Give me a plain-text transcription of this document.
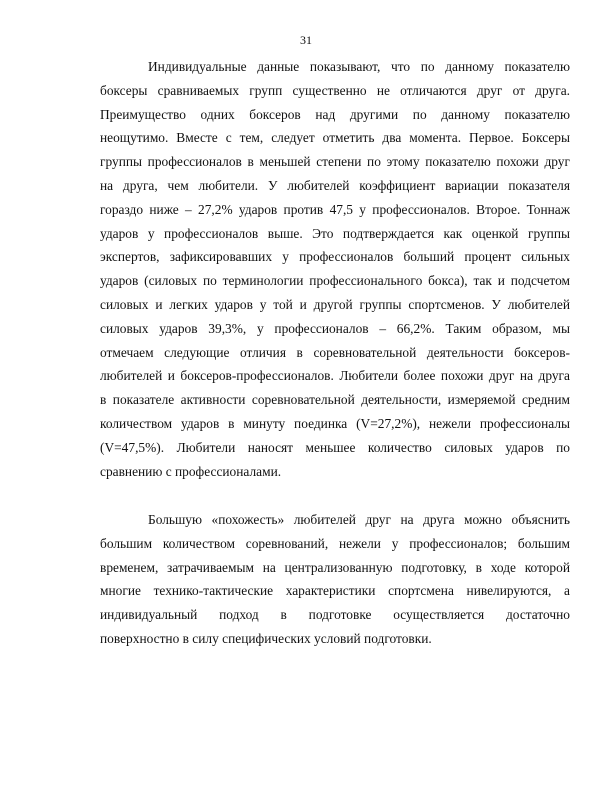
31
Индивидуальные данные показывают, что по данному показателю
боксеры сравниваемых групп существенно не отличаются друг от друга.
Преимущество одних боксеров над другими по данному показателю
неощутимо. Вместе с тем, следует отметить два момента. Первое. Боксеры
группы профессионалов в меньшей степени по этому показателю похожи друг
на друга, чем любители. У любителей коэффициент вариации показателя
гораздо ниже – 27,2% ударов против 47,5 у профессионалов. Второе. Тоннаж
ударов у профессионалов выше. Это подтверждается как оценкой группы
экспертов, зафиксировавших у профессионалов больший процент сильных
ударов (силовых по терминологии профессионального бокса), так и подсчетом
силовых и легких ударов у той и другой группы спортсменов. У любителей
силовых ударов 39,3%, у профессионалов – 66,2%. Таким образом, мы
отмечаем следующие отличия в соревновательной деятельности боксеров-
любителей и боксеров-профессионалов. Любители более похожи друг на друга
в показателе активности соревновательной деятельности, измеряемой средним
количеством ударов в минуту поединка (V=27,2%), нежели профессионалы
(V=47,5%). Любители наносят меньшее количество силовых ударов по
сравнению с профессионалами.
Большую «похожесть» любителей друг на друга можно объяснить
большим количеством соревнований, нежели у профессионалов; большим
временем, затрачиваемым на централизованную подготовку, в ходе которой
многие технико-тактические характеристики спортсмена нивелируются, а
индивидуальный подход в подготовке осуществляется достаточно
поверхностно в силу специфических условий подготовки.
